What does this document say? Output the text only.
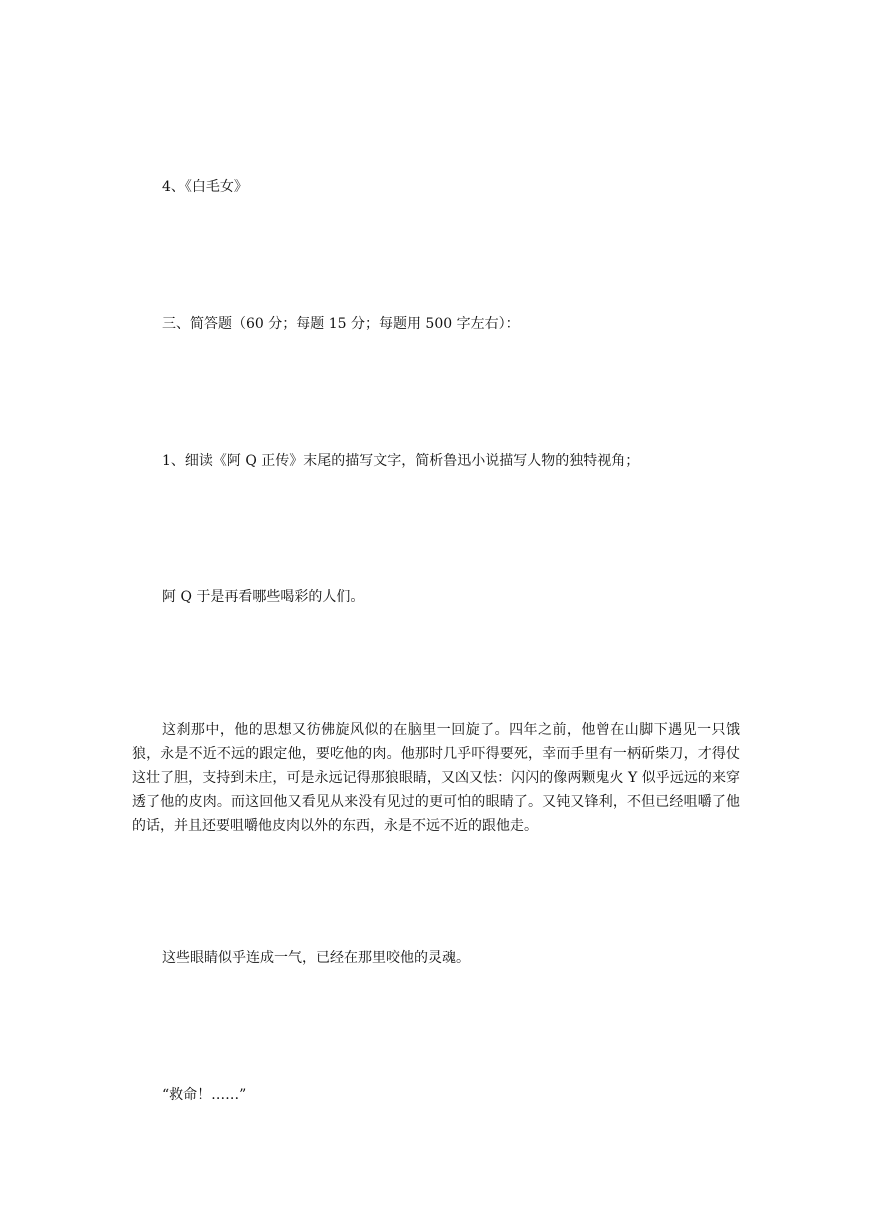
4、《白毛女》

三、简答题（60 分；每题 15 分；每题用 500 字左右）：

1、细读《阿 Q 正传》末尾的描写文字，简析鲁迅小说描写人物的独特视角；

阿 Q 于是再看哪些喝彩的人们。

这刹那中，他的思想又彷佛旋风似的在脑里一回旋了。四年之前，他曾在山脚下遇见一只饿狼，永是不近不远的跟定他，要吃他的肉。他那时几乎吓得要死，幸而手里有一柄斫柴刀，才得仗这壮了胆，支持到未庄，可是永远记得那狼眼睛，又凶又怯：闪闪的像两颗鬼火 Y 似乎远远的来穿透了他的皮肉。而这回他又看见从来没有见过的更可怕的眼睛了。又钝又锋利，不但已经咀嚼了他的话，并且还要咀嚼他皮肉以外的东西，永是不远不近的跟他走。

这些眼睛似乎连成一气，已经在那里咬他的灵魂。

“救命！……”
